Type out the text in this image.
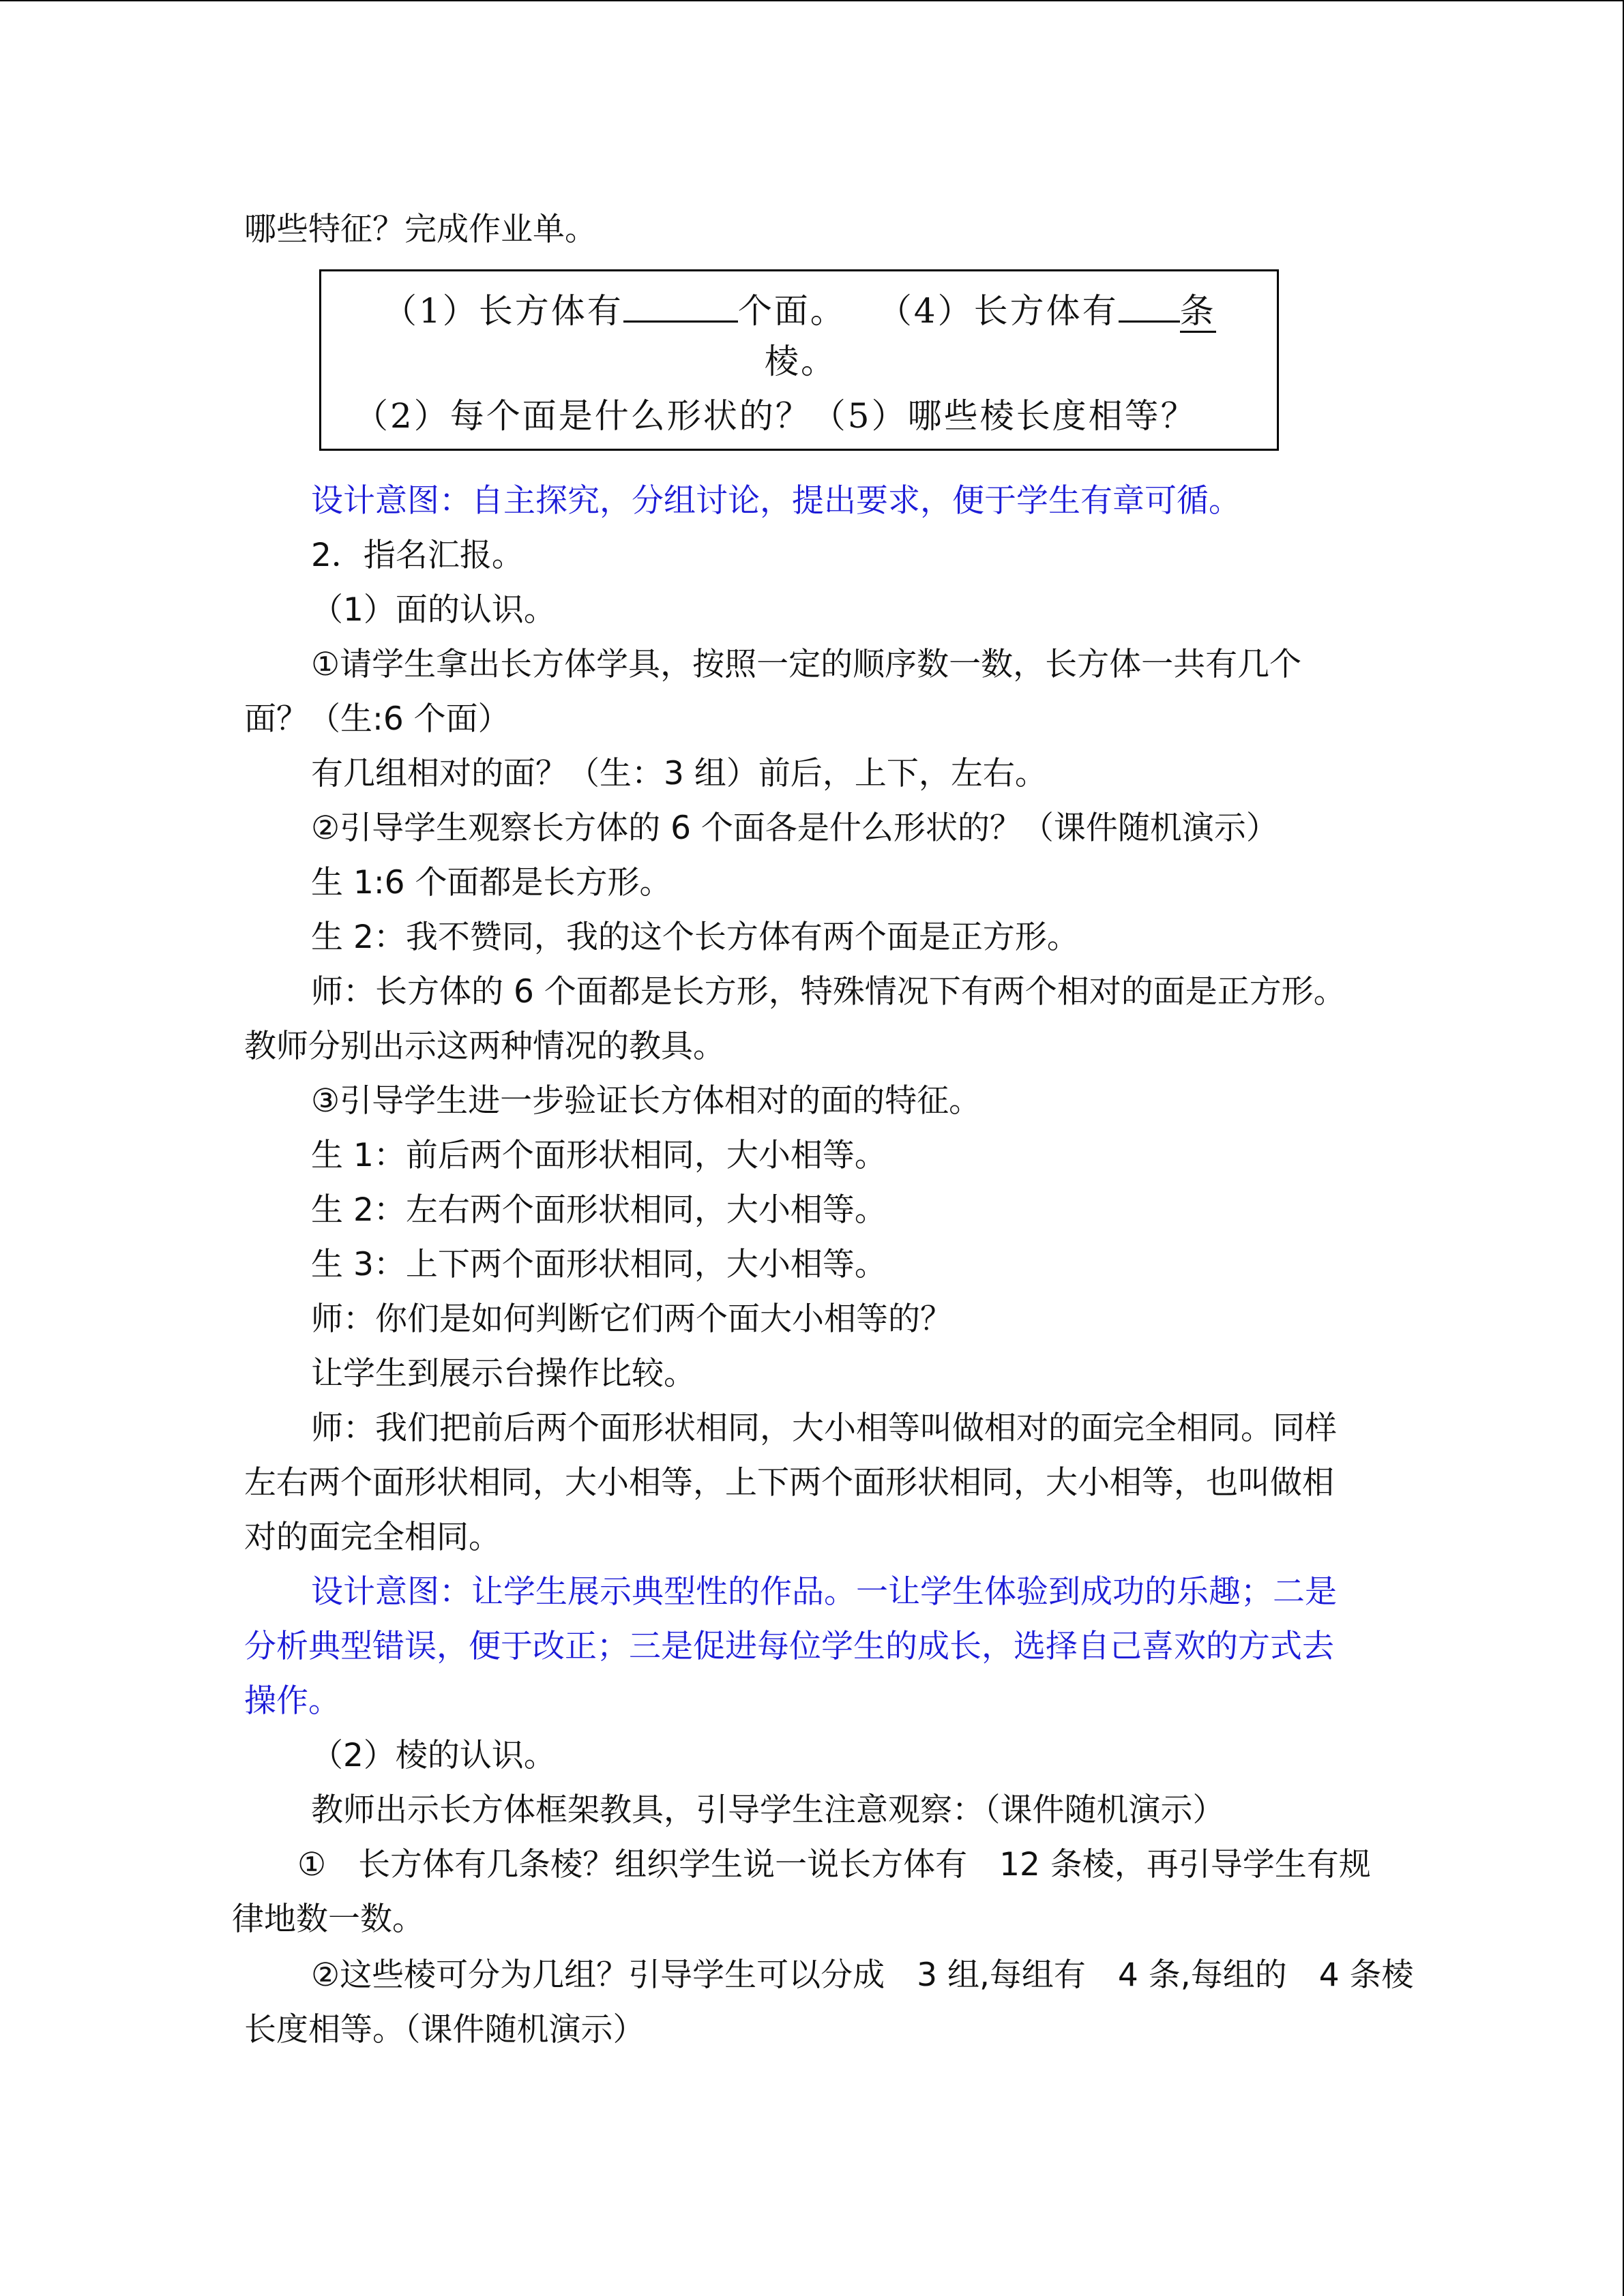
哪些特征？完成作业单。
（1）长方体有	个面。 （4）长方体有 条
棱。
（2）每个面是什么形状的？（5）哪些棱长度相等？
设计意图：自主探究，分组讨论，提出要求，便于学生有章可循。
2．指名汇报。
（1）面的认识。
①请学生拿出长方体学具，按照一定的顺序数一数，长方体一共有几个
面？（生:6 个面）
有几组相对的面？（生：3 组）前后，上下，左右。
②引导学生观察长方体的 6 个面各是什么形状的？（课件随机演示）
生 1:6 个面都是长方形。
生 2：我不赞同，我的这个长方体有两个面是正方形。
师：长方体的 6 个面都是长方形，特殊情况下有两个相对的面是正方形。
教师分别出示这两种情况的教具。
③引导学生进一步验证长方体相对的面的特征。
生 1：前后两个面形状相同，大小相等。
生 2：左右两个面形状相同，大小相等。
生 3：上下两个面形状相同，大小相等。
师：你们是如何判断它们两个面大小相等的？
让学生到展示台操作比较。
师：我们把前后两个面形状相同，大小相等叫做相对的面完全相同。同样
左右两个面形状相同，大小相等，上下两个面形状相同，大小相等，也叫做相
对的面完全相同。
设计意图：让学生展示典型性的作品。一让学生体验到成功的乐趣；二是
分析典型错误，便于改正；三是促进每位学生的成长，选择自己喜欢的方式去
操作。
（2）棱的认识。
教师出示长方体框架教具，引导学生注意观察：（课件随机演示）
①　长方体有几条棱？组织学生说一说长方体有　12 条棱，再引导学生有规
律地数一数。
②这些棱可分为几组？引导学生可以分成　3 组,每组有　4 条,每组的　4 条棱
长度相等。（课件随机演示）
